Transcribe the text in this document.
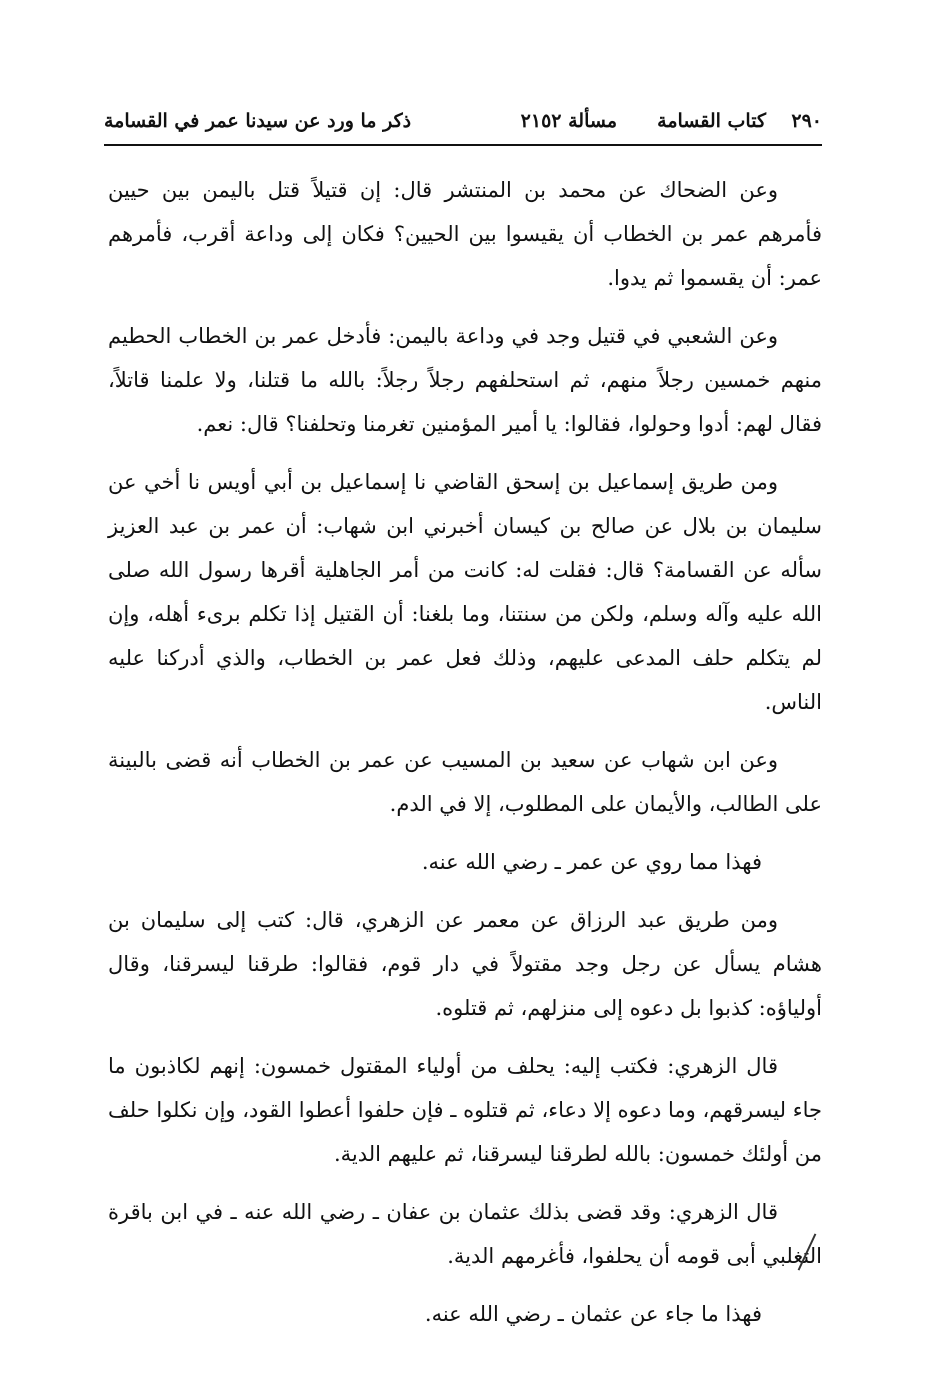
٢٩٠
كتاب القسامة
مسألة ٢١٥٢
ذكر ما ورد عن سيدنا عمر في القسامة

وعن الضحاك عن محمد بن المنتشر قال: إن قتيلاً قتل باليمن بين حيين فأمرهم عمر بن الخطاب أن يقيسوا بين الحيين؟ فكان إلى وداعة أقرب، فأمرهم عمر: أن يقسموا ثم يدوا.

وعن الشعبي في قتيل وجد في وداعة باليمن: فأدخل عمر بن الخطاب الحطيم منهم خمسين رجلاً منهم، ثم استحلفهم رجلاً رجلاً: بالله ما قتلنا، ولا علمنا قاتلاً، فقال لهم: أدوا وحولوا، فقالوا: يا أمير المؤمنين تغرمنا وتحلفنا؟ قال: نعم.

ومن طريق إسماعيل بن إسحق القاضي نا إسماعيل بن أبي أويس نا أخي عن سليمان بن بلال عن صالح بن كيسان أخبرني ابن شهاب: أن عمر بن عبد العزيز سأله عن القسامة؟ قال: فقلت له: كانت من أمر الجاهلية أقرها رسول الله صلى الله عليه وآله وسلم، ولكن من سنتنا، وما بلغنا: أن القتيل إذا تكلم برىء أهله، وإن لم يتكلم حلف المدعى عليهم، وذلك فعل عمر بن الخطاب، والذي أدركنا عليه الناس.

وعن ابن شهاب عن سعيد بن المسيب عن عمر بن الخطاب أنه قضى بالبينة على الطالب، والأيمان على المطلوب، إلا في الدم.

فهذا مما روي عن عمر ـ رضي الله عنه.

ومن طريق عبد الرزاق عن معمر عن الزهري، قال: كتب إلى سليمان بن هشام يسأل عن رجل وجد مقتولاً في دار قوم، فقالوا: طرقنا ليسرقنا، وقال أولياؤه: كذبوا بل دعوه إلى منزلهم، ثم قتلوه.

قال الزهري: فكتب إليه: يحلف من أولياء المقتول خمسون: إنهم لكاذبون ما جاء ليسرقهم، وما دعوه إلا دعاء، ثم قتلوه ـ فإن حلفوا أعطوا القود، وإن نكلوا حلف من أولئك خمسون: بالله لطرقنا ليسرقنا، ثم عليهم الدية.

قال الزهري: وقد قضى بذلك عثمان بن عفان ـ رضي الله عنه ـ في ابن باقرة التغلبي أبى قومه أن يحلفوا، فأغرمهم الدية.

فهذا ما جاء عن عثمان ـ رضي الله عنه.
